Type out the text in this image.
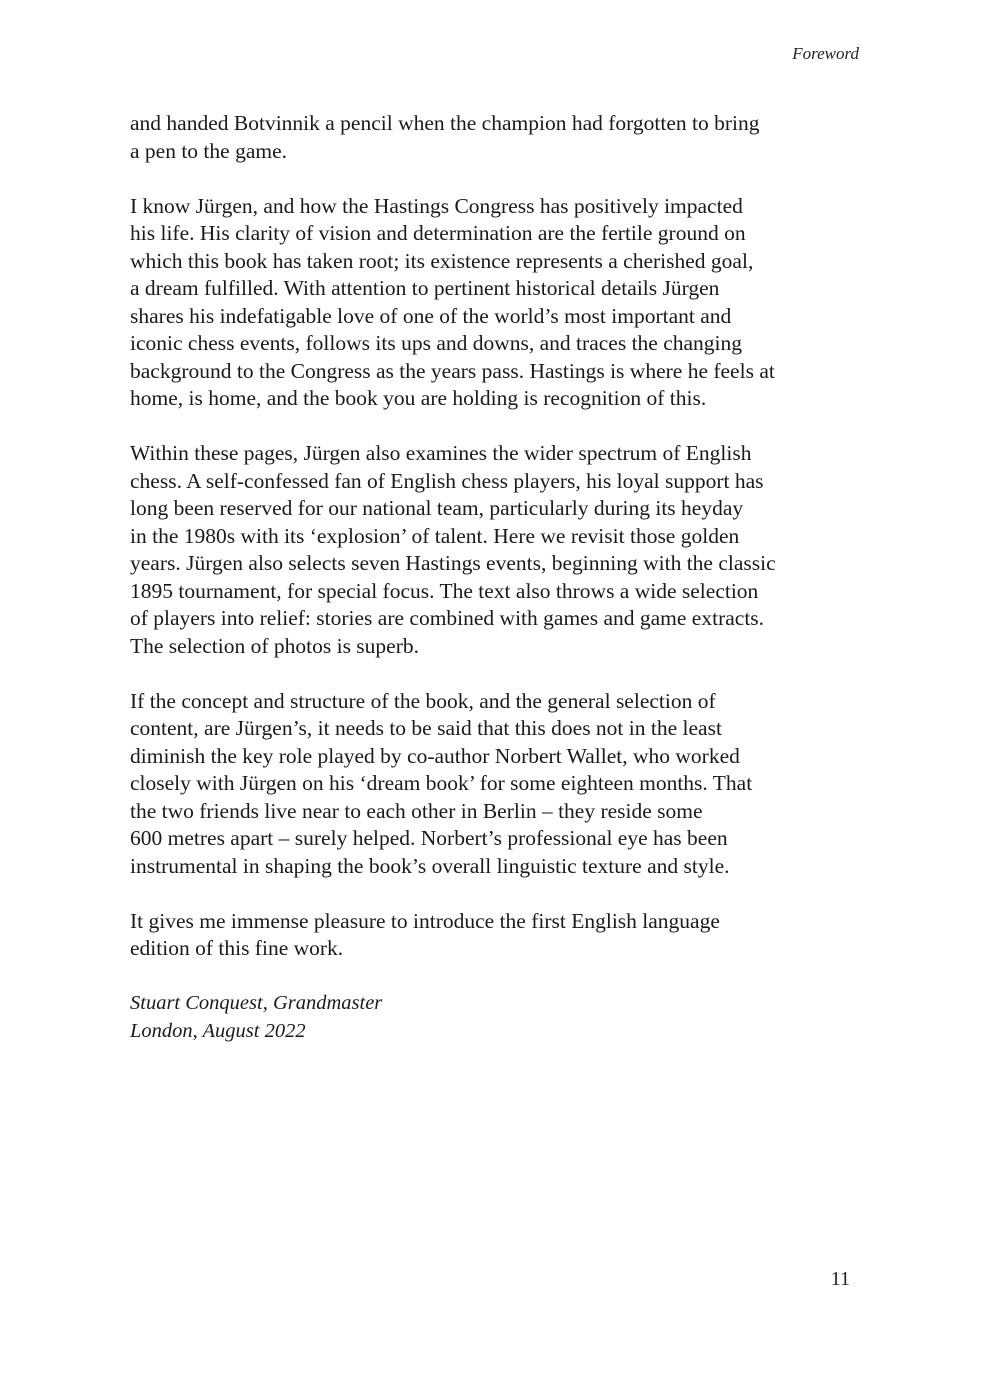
Foreword

and handed Botvinnik a pencil when the champion had forgotten to bring
a pen to the game.

I know Jürgen, and how the Hastings Congress has positively impacted
his life. His clarity of vision and determination are the fertile ground on
which this book has taken root; its existence represents a cherished goal,
a dream fulfilled. With attention to pertinent historical details Jürgen
shares his indefatigable love of one of the world’s most important and
iconic chess events, follows its ups and downs, and traces the changing
background to the Congress as the years pass. Hastings is where he feels at
home, is home, and the book you are holding is recognition of this.

Within these pages, Jürgen also examines the wider spectrum of English
chess. A self-confessed fan of English chess players, his loyal support has
long been reserved for our national team, particularly during its heyday
in the 1980s with its ‘explosion’ of talent. Here we revisit those golden
years. Jürgen also selects seven Hastings events, beginning with the classic
1895 tournament, for special focus. The text also throws a wide selection
of players into relief: stories are combined with games and game extracts.
The selection of photos is superb.

If the concept and structure of the book, and the general selection of
content, are Jürgen’s, it needs to be said that this does not in the least
diminish the key role played by co-author Norbert Wallet, who worked
closely with Jürgen on his ‘dream book’ for some eighteen months. That
the two friends live near to each other in Berlin – they reside some
600 metres apart – surely helped. Norbert’s professional eye has been
instrumental in shaping the book’s overall linguistic texture and style.

It gives me immense pleasure to introduce the first English language
edition of this fine work.

Stuart Conquest, Grandmaster
London, August 2022
11
